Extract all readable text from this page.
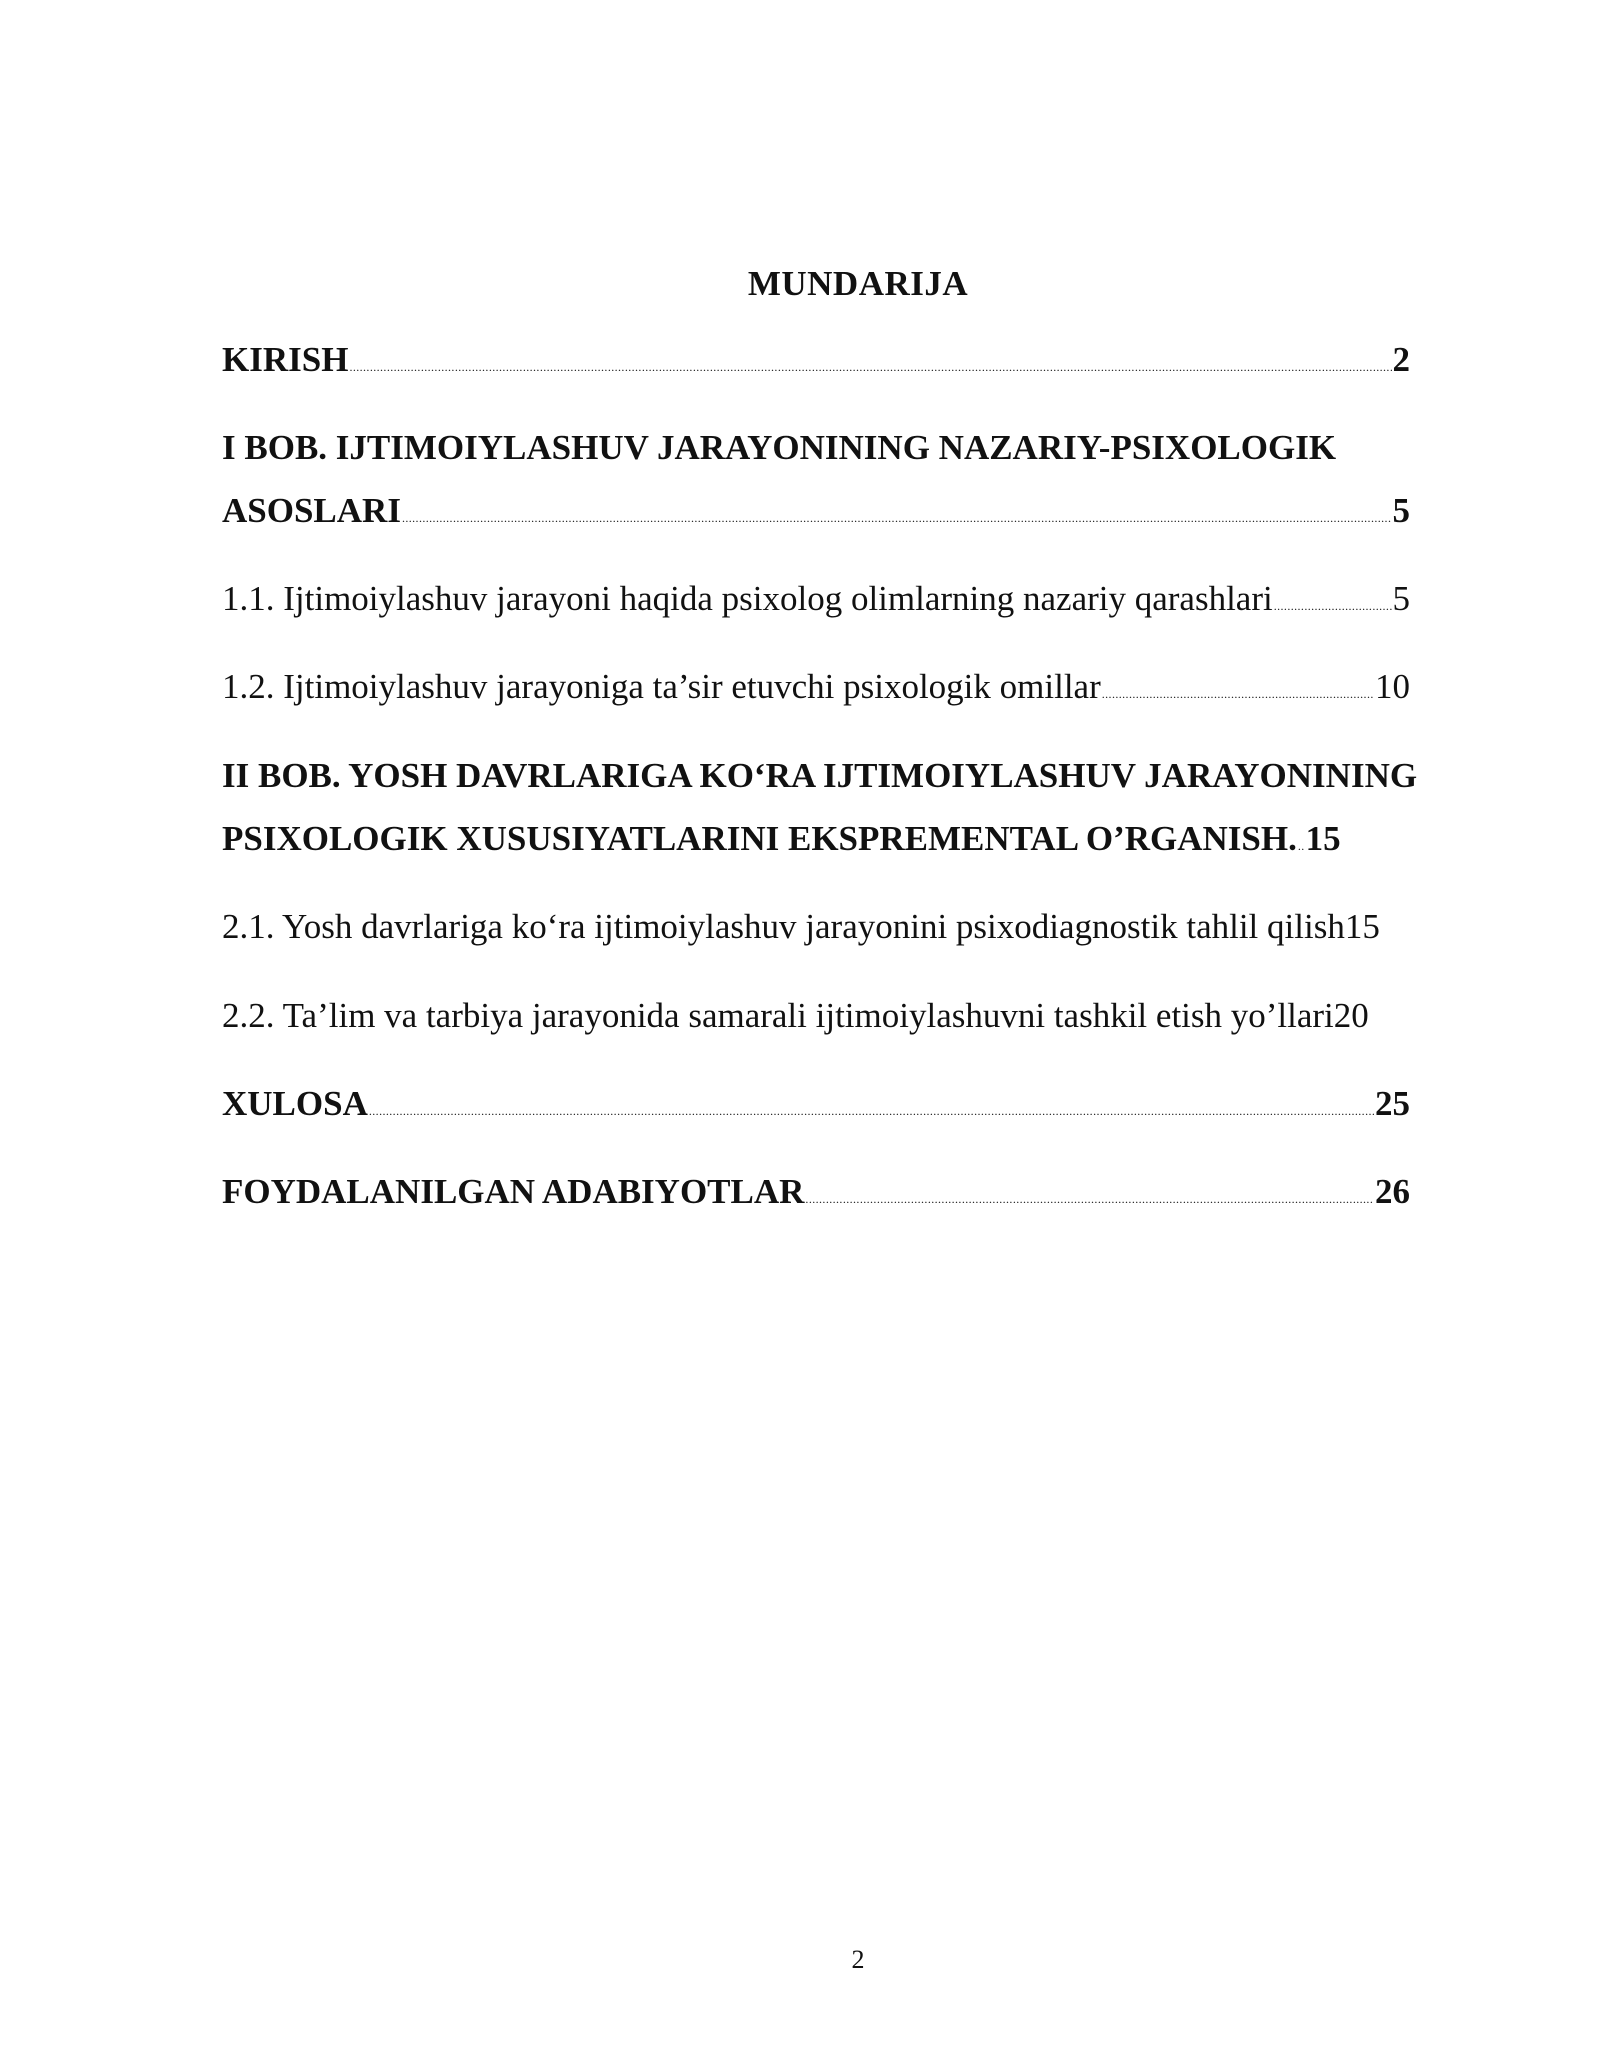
MUNDARIJA
KIRISH .....	2
I BOB. IJTIMOIYLASHUV JARAYONINING NAZARIY-PSIXOLOGIK
ASOSLARI .....	5
1.1. Ijtimoiylashuv jarayoni haqida psixolog olimlarning nazariy qarashlari .....	5
1.2. Ijtimoiylashuv jarayoniga ta’sir etuvchi psixologik omillar .....	10
II BOB. YOSH DAVRLARIGA KO‘RA IJTIMOIYLASHUV JARAYONINING
PSIXOLOGIK XUSUSIYATLARINI EKSPREMENTAL O’RGANISH. .. 15
2.1. Yosh davrlariga ko‘ra ijtimoiylashuv jarayonini psixodiagnostik tahlil qilish 15
2.2. Ta’lim va tarbiya jarayonida samarali ijtimoiylashuvni tashkil etish yo’llari 20
XULOSA .....	25
FOYDALANILGAN ADABIYOTLAR .....	26
2
